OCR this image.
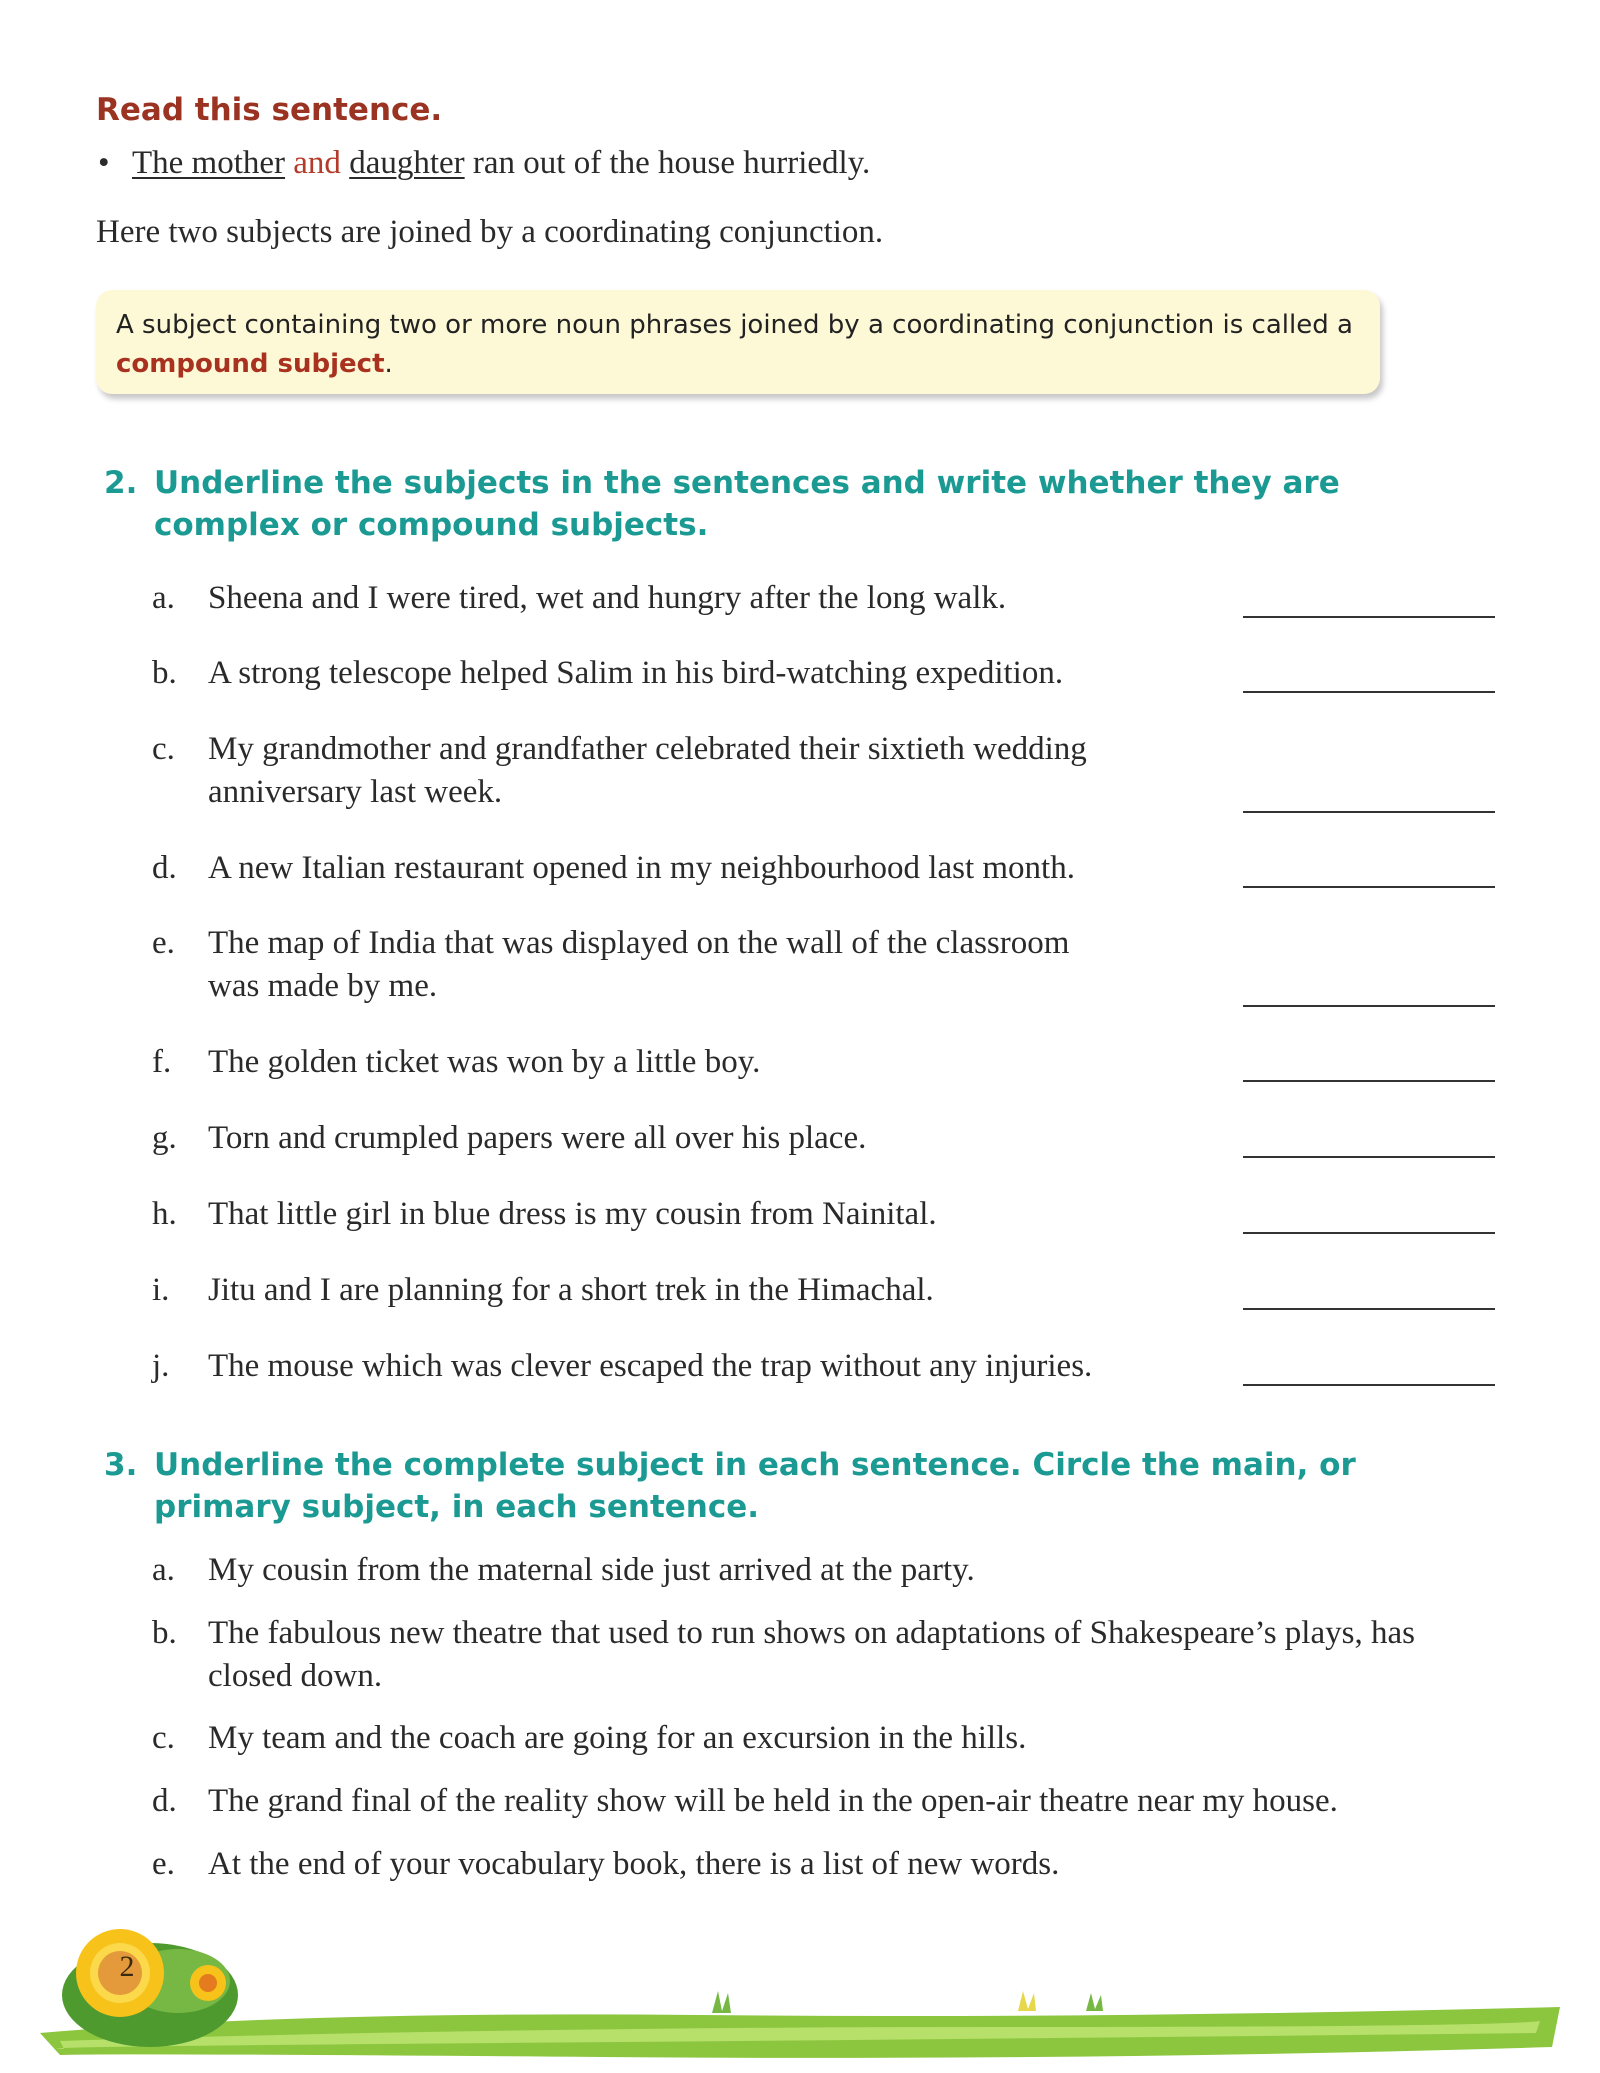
Read this sentence.
• The mother and daughter ran out of the house hurriedly.
Here two subjects are joined by a coordinating conjunction.
A subject containing two or more noun phrases joined by a coordinating conjunction is called a
compound subject.
2. Underline the subjects in the sentences and write whether they are complex or compound subjects.
a.	Sheena and I were tired, wet and hungry after the long walk.
b. A strong telescope helped Salim in his bird-watching expedition.
c.	My grandmother and grandfather celebrated their sixtieth wedding anniversary last week.
d. A new Italian restaurant opened in my neighbourhood last month.
e.	The map of India that was displayed on the wall of the classroom was made by me.
f.	The golden ticket was won by a little boy.
g. Torn and crumpled papers were all over his place.
h. That little girl in blue dress is my cousin from Nainital.
i.	Jitu and I are planning for a short trek in the Himachal.
j.	The mouse which was clever escaped the trap without any injuries.
3. Underline the complete subject in each sentence. Circle the main, or primary subject, in each sentence.
a.	My cousin from the maternal side just arrived at the party.
b. The fabulous new theatre that used to run shows on adaptations of Shakespeare’s plays, has closed down.
c.	My team and the coach are going for an excursion in the hills.
d. The grand final of the reality show will be held in the open-air theatre near my house.
e.	At the end of your vocabulary book, there is a list of new words.
2
